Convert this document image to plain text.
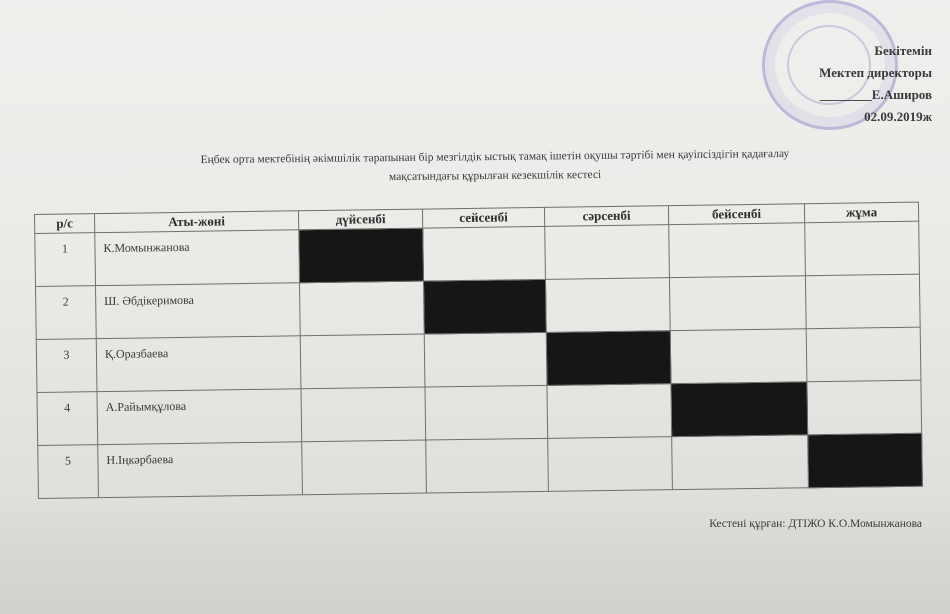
Бекітемін
Мектеп директоры
________Е.Аширов
02.09.2019ж
Еңбек орта мектебінің әкімшілік тарапынан бір мезгілдік ыстық тамақ ішетін оқушы тәртібі мен қауіпсіздігін қадағалау
мақсатындағы құрылған кезекшілік кестесі
р/с	Аты-жөні	дүйсенбі	сейсенбі	сәрсенбі	бейсенбі	жұма
1	К.Момынжанова					
2	Ш. Әбдікеримова					
3	Қ.Оразбаева					
4	А.Райымқұлова					
5	Н.Іңкәрбаева					
Кестені құрған: ДТІЖО К.О.Момынжанова
